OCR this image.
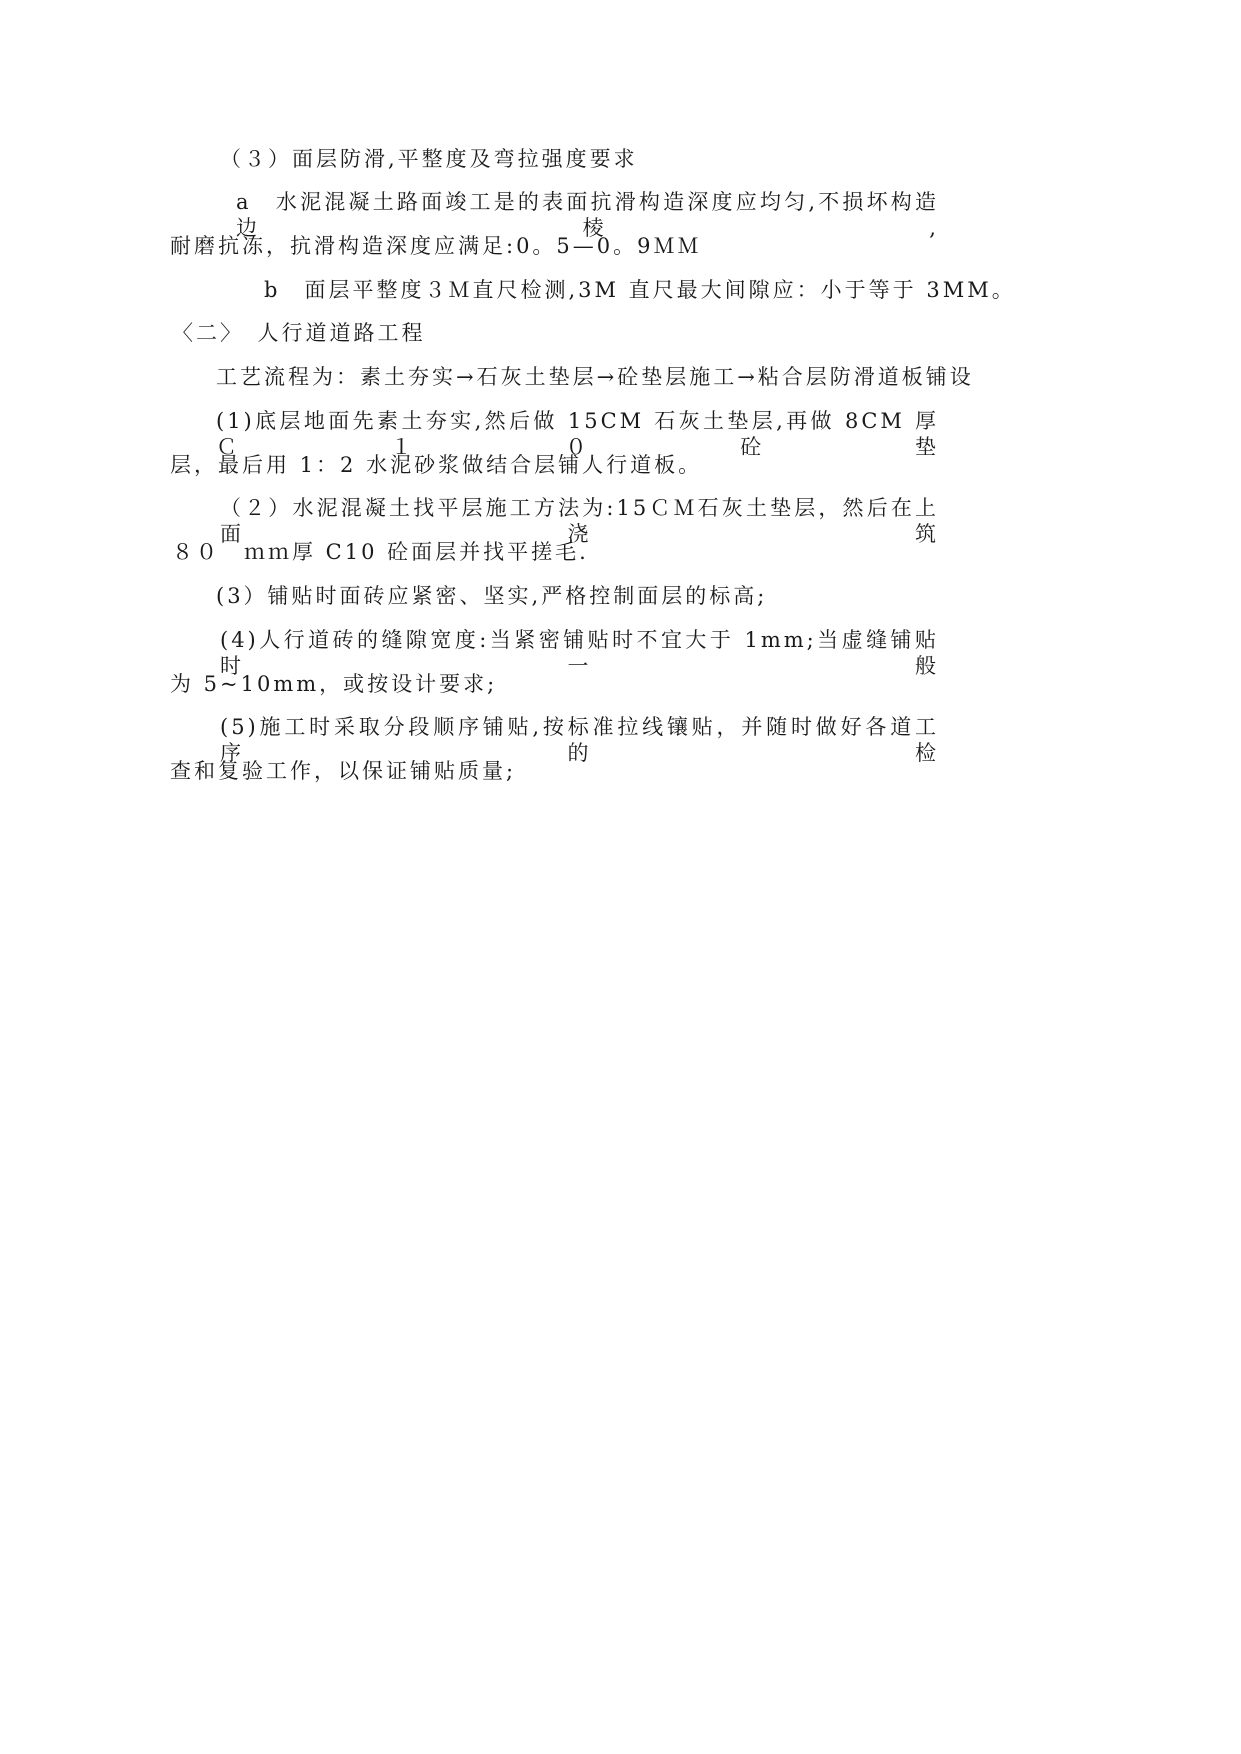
（３）面层防滑,平整度及弯拉强度要求

a　水泥混凝土路面竣工是的表面抗滑构造深度应均匀,不损坏构造边棱,

耐磨抗冻，抗滑构造深度应满足:0。5—0。9ＭＭ

b　面层平整度３Ｍ直尺检测,3M 直尺最大间隙应：小于等于 3MM。

〈二〉　人行道道路工程

工艺流程为：素土夯实→石灰土垫层→砼垫层施工→粘合层防滑道板铺设

(1)底层地面先素土夯实,然后做 15CM 石灰土垫层,再做 8CM 厚Ｃ１０砼垫

层，最后用 1：2 水泥砂浆做结合层铺人行道板。

（２）水泥混凝土找平层施工方法为:15ＣＭ石灰土垫层，然后在上面浇筑

８０　ｍｍ厚 C10 砼面层并找平搓毛.

(3）铺贴时面砖应紧密、坚实,严格控制面层的标高;

(4)人行道砖的缝隙宽度:当紧密铺贴时不宜大于 1mm;当虚缝铺贴时一般

为 5~10mm，或按设计要求;

(5)施工时采取分段顺序铺贴,按标准拉线镶贴，并随时做好各道工序的检

查和复验工作，以保证铺贴质量;
